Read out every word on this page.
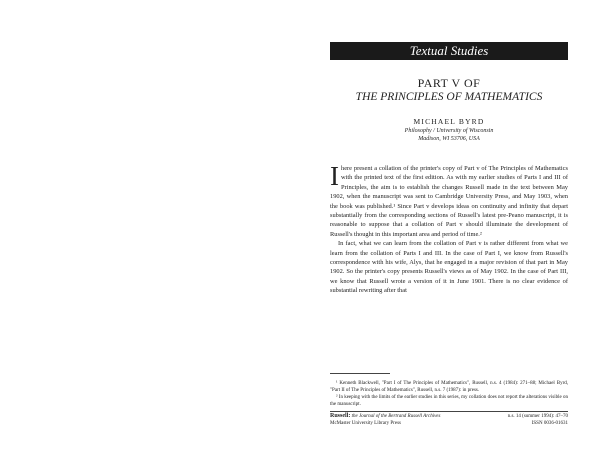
Textual Studies
PART V OF
THE PRINCIPLES OF MATHEMATICS
MICHAEL BYRD
Philosophy / University of Wisconsin
Madison, WI 53706, USA

Ihere present a collation of the printer's copy of Part v of The Principles of Mathematics with the printed text of the first edition. As with my earlier studies of Parts I and III of Principles, the aim is to establish the changes Russell made in the text between May 1902, when the manuscript was sent to Cambridge University Press, and May 1903, when the book was published.¹ Since Part v develops ideas on continuity and infinity that depart substantially from the corresponding sections of Russell's latest pre-Peano manuscript, it is reasonable to suppose that a collation of Part v should illuminate the development of Russell's thought in this important area and period of time.²

In fact, what we can learn from the collation of Part v is rather different from what we learn from the collation of Parts I and III. In the case of Part I, we know from Russell's correspondence with his wife, Alys, that he engaged in a major revision of that part in May 1902. So the printer's copy presents Russell's views as of May 1902. In the case of Part III, we know that Russell wrote a version of it in June 1901. There is no clear evidence of substantial rewriting after that

¹ Kenneth Blackwell, "Part I of The Principles of Mathematics", Russell, n.s. 4 (1984): 271–88; Michael Byrd, "Part II of The Principles of Mathematics", Russell, n.s. 7 (1987): in press.

² In keeping with the limits of the earlier studies in this series, my collation does not report the alterations visible on the manuscript.

Russell: the Journal of the Bertrand Russell Archives
McMaster University Library Press
n.s. 14 (summer 1994): 47–70
ISSN 0036-01631
